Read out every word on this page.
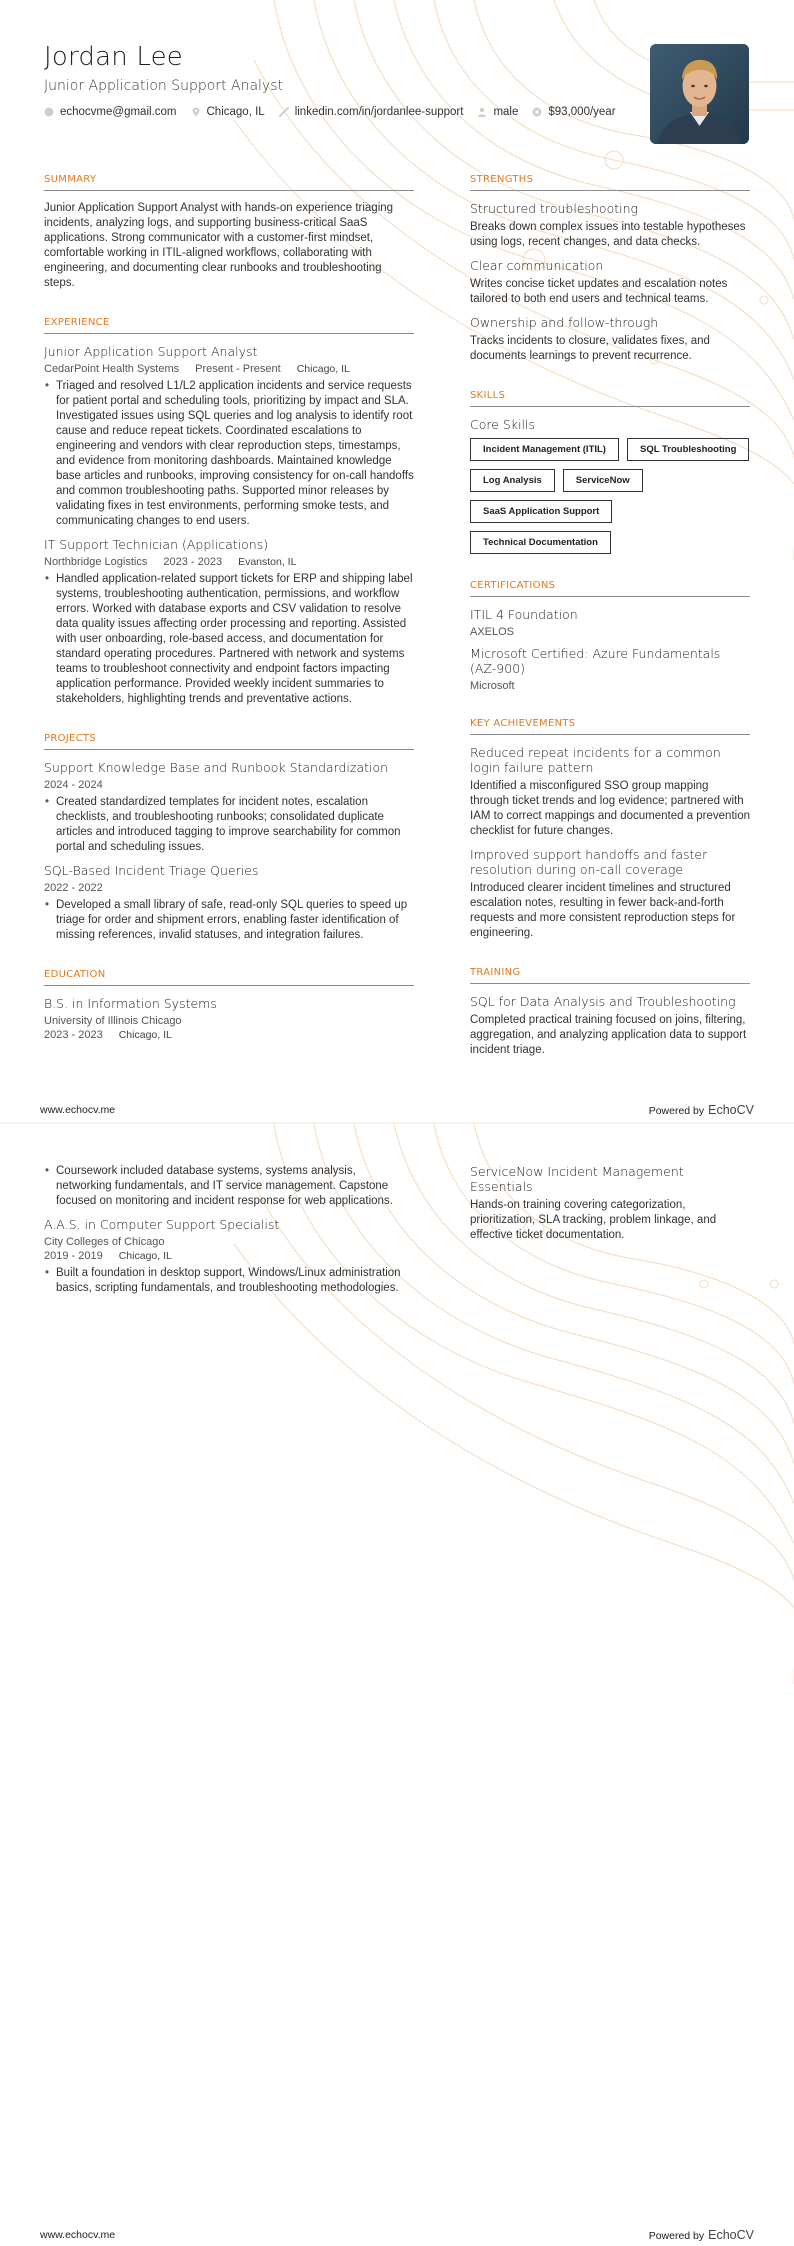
Jordan Lee
Junior Application Support Analyst
echocvme@gmail.com	Chicago, IL	linkedin.com/in/jordanlee-support	male	$93,000/year
SUMMARY
Junior Application Support Analyst with hands-on experience triaging incidents, analyzing logs, and supporting business-critical SaaS applications. Strong communicator with a customer-first mindset, comfortable working in ITIL-aligned workflows, collaborating with engineering, and documenting clear runbooks and troubleshooting steps.
EXPERIENCE
Junior Application Support Analyst
CedarPoint Health Systems Present - Present Chicago, IL
• Triaged and resolved L1/L2 application incidents and service requests for patient portal and scheduling tools, prioritizing by impact and SLA. Investigated issues using SQL queries and log analysis to identify root cause and reduce repeat tickets. Coordinated escalations to engineering and vendors with clear reproduction steps, timestamps, and evidence from monitoring dashboards. Maintained knowledge base articles and runbooks, improving consistency for on-call handoffs and common troubleshooting paths. Supported minor releases by validating fixes in test environments, performing smoke tests, and communicating changes to end users.
IT Support Technician (Applications)
Northbridge Logistics 2023 - 2023 Evanston, IL
• Handled application-related support tickets for ERP and shipping label systems, troubleshooting authentication, permissions, and workflow errors. Worked with database exports and CSV validation to resolve data quality issues affecting order processing and reporting. Assisted with user onboarding, role-based access, and documentation for standard operating procedures. Partnered with network and systems teams to troubleshoot connectivity and endpoint factors impacting application performance. Provided weekly incident summaries to stakeholders, highlighting trends and preventative actions.
PROJECTS
Support Knowledge Base and Runbook Standardization
2024 - 2024
• Created standardized templates for incident notes, escalation checklists, and troubleshooting runbooks; consolidated duplicate articles and introduced tagging to improve searchability for common portal and scheduling issues.
SQL-Based Incident Triage Queries
2022 - 2022
• Developed a small library of safe, read-only SQL queries to speed up triage for order and shipment errors, enabling faster identification of missing references, invalid statuses, and integration failures.
EDUCATION
B.S. in Information Systems
University of Illinois Chicago
2023 - 2023 Chicago, IL
STRENGTHS
Structured troubleshooting
Breaks down complex issues into testable hypotheses using logs, recent changes, and data checks.
Clear communication
Writes concise ticket updates and escalation notes tailored to both end users and technical teams.
Ownership and follow-through
Tracks incidents to closure, validates fixes, and documents learnings to prevent recurrence.
SKILLS
Core Skills
Incident Management (ITIL)	SQL Troubleshooting
Log Analysis	ServiceNow
SaaS Application Support
Technical Documentation
CERTIFICATIONS
ITIL 4 Foundation
AXELOS
Microsoft Certified: Azure Fundamentals (AZ-900)
Microsoft
KEY ACHIEVEMENTS
Reduced repeat incidents for a common login failure pattern
Identified a misconfigured SSO group mapping through ticket trends and log evidence; partnered with IAM to correct mappings and documented a prevention checklist for future changes.
Improved support handoffs and faster resolution during on-call coverage
Introduced clearer incident timelines and structured escalation notes, resulting in fewer back-and-forth requests and more consistent reproduction steps for engineering.
TRAINING
SQL for Data Analysis and Troubleshooting
Completed practical training focused on joins, filtering, aggregation, and analyzing application data to support incident triage.
www.echocv.me	Powered by EchoCV
• Coursework included database systems, systems analysis, networking fundamentals, and IT service management. Capstone focused on monitoring and incident response for web applications.
A.A.S. in Computer Support Specialist
City Colleges of Chicago
2019 - 2019 Chicago, IL
• Built a foundation in desktop support, Windows/Linux administration basics, scripting fundamentals, and troubleshooting methodologies.
ServiceNow Incident Management Essentials
Hands-on training covering categorization, prioritization, SLA tracking, problem linkage, and effective ticket documentation.
www.echocv.me	Powered by EchoCV
